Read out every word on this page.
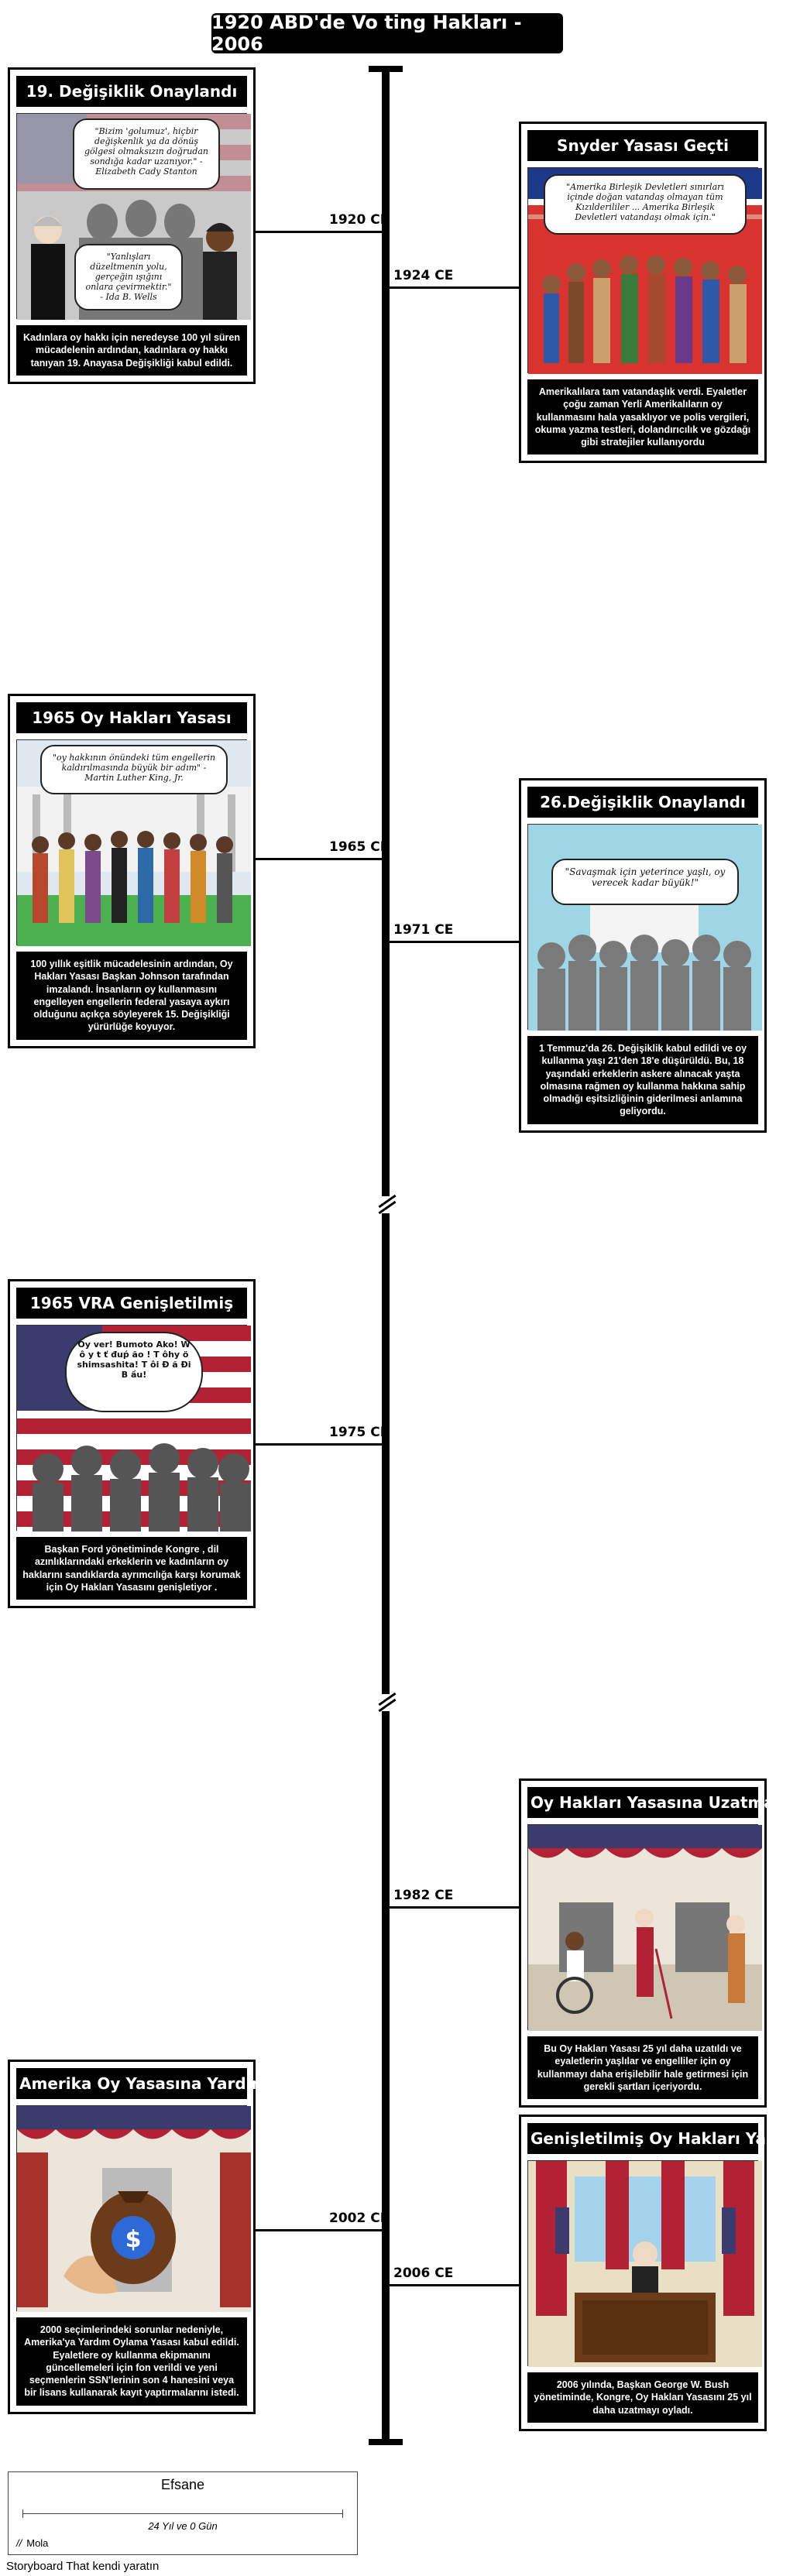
1920 ABD'de Vo ting Hakları - 2006
1920 CE
1924 CE
1965 CE
1971 CE
1975 CE
1982 CE
2002 CE
2006 CE
19. Değişiklik Onaylandı
"Bizim 'golumuz', hiçbir değişkenlik ya da dönüş gölgesi olmaksızın doğrudan sondığa kadar uzanıyor." -Elizabeth Cady Stanton
"Yanlışları düzeltmenin yolu, gerçeğin ışığını onlara çevirmektir." - Ida B. Wells
Kadınlara oy hakkı için neredeyse 100 yıl süren mücadelenin ardından, kadınlara oy hakkı tanıyan 19. Anayasa Değişikliği kabul edildi.
Snyder Yasası Geçti
"Amerika Birleşik Devletleri sınırları içinde doğan vatandaş olmayan tüm Kızılderililer ... Amerika Birleşik Devletleri vatandaşı olmak için."
Amerikalılara tam vatandaşlık verdi. Eyaletler çoğu zaman Yerli Amerikalıların oy kullanmasını hala yasaklıyor ve polis vergileri, okuma yazma testleri, dolandırıcılık ve gözdağı gibi stratejiler kullanıyordu
1965 Oy Hakları Yasası
"oy hakkının önündeki tüm engellerin kaldırılmasında büyük bir adım" - Martin Luther King, Jr.
100 yıllık eşitlik mücadelesinin ardından, Oy Hakları Yasası Başkan Johnson tarafından imzalandı. İnsanların oy kullanmasını engelleyen engellerin federal yasaya aykırı olduğunu açıkça söyleyerek 15. Değişikliği yürürlüğe koyuyor.
26.Değişiklik Onaylandı
"Savaşmak için yeterince yaşlı, oy verecek kadar büyük!"
1 Temmuz'da 26. Değişiklik kabul edildi ve oy kullanma yaşı 21'den 18'e düşürüldü. Bu, 18 yaşındaki erkeklerin askere alınacak yaşta olmasına rağmen oy kullanma hakkına sahip olmadığı eşitsizliğinin giderilmesi anlamına geliyordu.
1965 VRA Genişletilmiş
Oy ver! Bumoto Ako! W ô y t ť đuṕ ão ! T ôhy ö shimsashita! T ôi Đ ă Đi B ầu!
Başkan Ford yönetiminde Kongre , dil azınlıklarındaki erkeklerin ve kadınların oy haklarını sandıklarda ayrımcılığa karşı korumak için Oy Hakları Yasasını genişletiyor .
Oy Hakları Yasasına Uzatma
Bu Oy Hakları Yasası 25 yıl daha uzatıldı ve eyaletlerin yaşlılar ve engelliler için oy kullanmayı daha erişilebilir hale getirmesi için gerekli şartları içeriyordu.
Amerika Oy Yasasına Yardım Et
$
2000 seçimlerindeki sorunlar nedeniyle, Amerika'ya Yardım Oylama Yasası kabul edildi. Eyaletlere oy kullanma ekipmanını güncellemeleri için fon verildi ve yeni seçmenlerin SSN'lerinin son 4 hanesini veya bir lisans kullanarak kayıt yaptırmalarını istedi.
Genişletilmiş Oy Hakları Yasası
2006 yılında, Başkan George W. Bush yönetiminde, Kongre, Oy Hakları Yasasını 25 yıl daha uzatmayı oyladı.
Efsane
24 Yıl ve 0 Gün
// Mola
Storyboard That kendi yaratın
